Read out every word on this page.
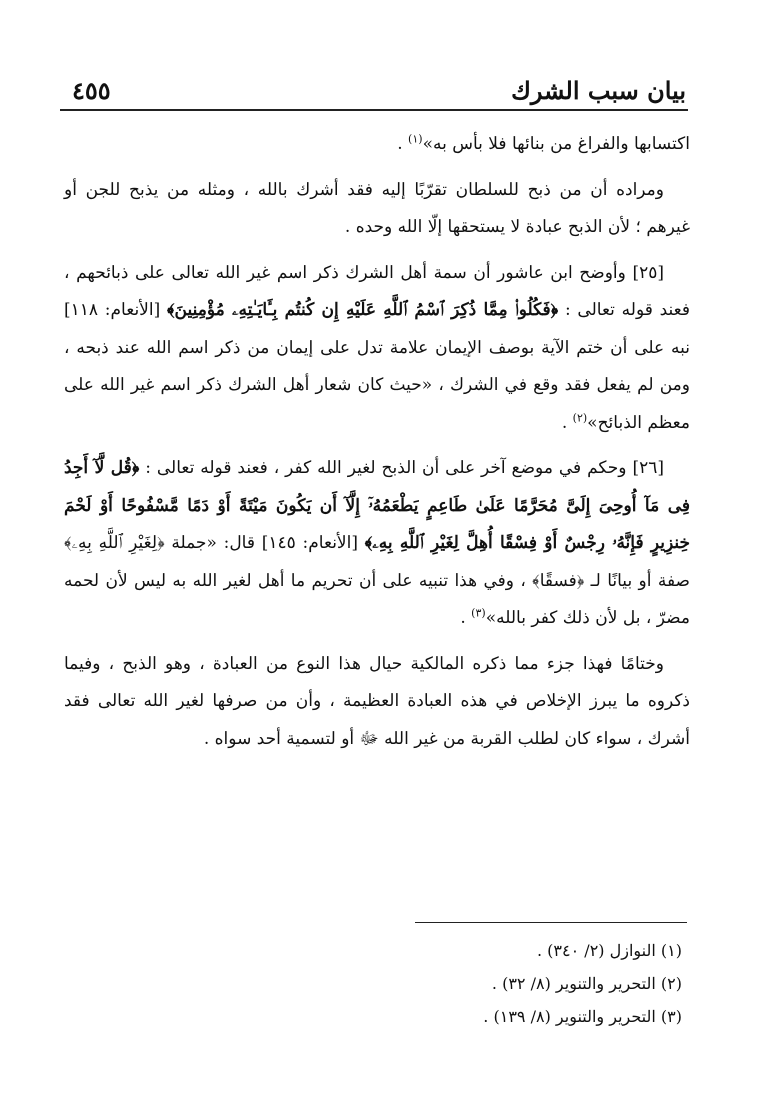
٤٥٥	بيان سبب الشرك

اكتسابها والفراغ من بنائها فلا بأس به»$^{(١)}$ .

ومراده أن من ذبح للسلطان تقرّبًا إليه فقد أشرك بالله ، ومثله من يذبح للجن أو غيرهم ؛ لأن الذبح عبادة لا يستحقها إلّا الله وحده .

[٢٥] وأوضح ابن عاشور أن سمة أهل الشرك ذكر اسم غير الله تعالى على ذبائحهم ، فعند قوله تعالى : ﴿فَكُلُوا۟ مِمَّا ذُكِرَ ٱسْمُ ٱللَّهِ عَلَيْهِ إِن كُنتُم بِـَٔايَـٰتِهِۦ مُؤْمِنِينَ﴾ [الأنعام: ١١٨] نبه على أن ختم الآية بوصف الإيمان علامة تدل على إيمان من ذكر اسم الله عند ذبحه ، ومن لم يفعل فقد وقع في الشرك ، «حيث كان شعار أهل الشرك ذكر اسم غير الله على معظم الذبائح»$^{(٢)}$ .

[٢٦] وحكم في موضع آخر على أن الذبح لغير الله كفر ، فعند قوله تعالى : ﴿قُل لَّآ أَجِدُ فِى مَآ أُوحِىَ إِلَىَّ مُحَرَّمًا عَلَىٰ طَاعِمٍ يَطْعَمُهُۥٓ إِلَّآ أَن يَكُونَ مَيْتَةً أَوْ دَمًا مَّسْفُوحًا أَوْ لَحْمَ خِنزِيرٍ فَإِنَّهُۥ رِجْسٌ أَوْ فِسْقًا أُهِلَّ لِغَيْرِ ٱللَّهِ بِهِۦ﴾ [الأنعام: ١٤٥] قال: «جملة ﴿لِغَيْرِ ٱللَّهِ بِهِۦ﴾ صفة أو بيانًا لـ ﴿فسقًا﴾ ، وفي هذا تنبيه على أن تحريم ما أهل لغير الله به ليس لأن لحمه مضرّ ، بل لأن ذلك كفر بالله»$^{(٣)}$ .

وختامًا فهذا جزء مما ذكره المالكية حيال هذا النوع من العبادة ، وهو الذبح ، وفيما ذكروه ما يبرز الإخلاص في هذه العبادة العظيمة ، وأن من صرفها لغير الله تعالى فقد أشرك ، سواء كان لطلب القربة من غير الله ﷻ أو لتسمية أحد سواه .

(١) النوازل (٢/ ٣٤٠) .
(٢) التحرير والتنوير (٨/ ٣٢) .
(٣) التحرير والتنوير (٨/ ١٣٩) .
